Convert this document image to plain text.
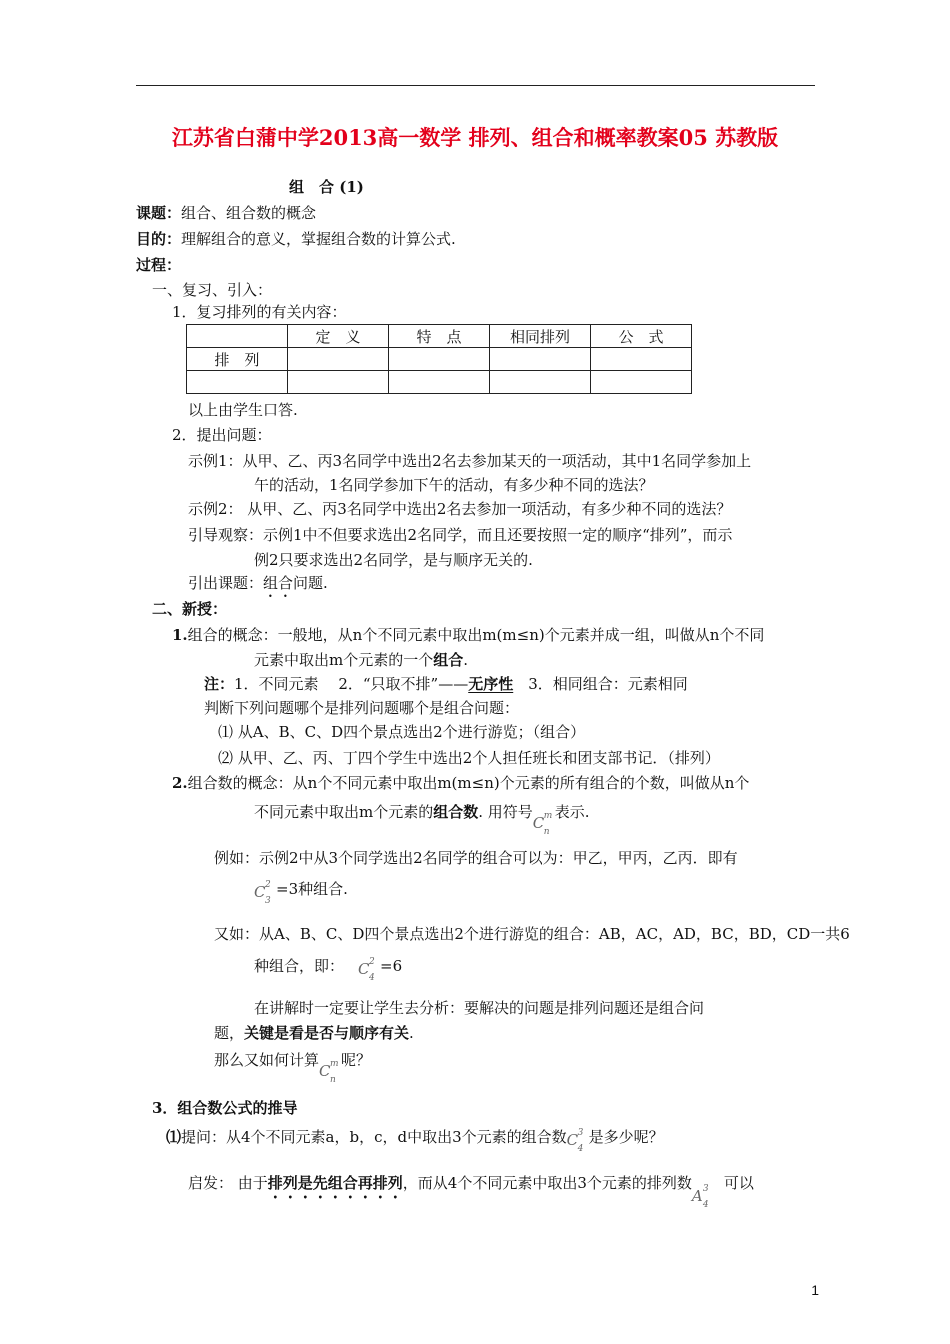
江苏省白蒲中学2013高一数学 排列、组合和概率教案05 苏教版
组　合 (1)
课题：组合、组合数的概念
目的：理解组合的意义，掌握组合数的计算公式.
过程：
一、复习、引入：
1．复习排列的有关内容：
	定　义	特　点	相同排列	公　式
排　列				

以上由学生口答.
2．提出问题：
示例1：从甲、乙、丙3名同学中选出2名去参加某天的一项活动，其中1名同学参加上
午的活动，1名同学参加下午的活动，有多少种不同的选法？
示例2： 从甲、乙、丙3名同学中选出2名去参加一项活动，有多少种不同的选法？
引导观察：示例1中不但要求选出2名同学，而且还要按照一定的顺序“排列”，而示
例2只要求选出2名同学，是与顺序无关的.
引出课题：组合问题.
二、新授：
1.组合的概念：一般地，从n个不同元素中取出m(m≤n)个元素并成一组，叫做从n个不同
元素中取出m个元素的一个组合.
注：1．不同元素　 2．“只取不排”——无序性　3．相同组合：元素相同
判断下列问题哪个是排列问题哪个是组合问题：
⑴ 从A、B、C、D四个景点选出2个进行游览；（组合）
⑵ 从甲、乙、丙、丁四个学生中选出2个人担任班长和团支部书记．（排列）
2.组合数的概念：从n个不同元素中取出m(m≤n)个元素的所有组合的个数，叫做从n个
不同元素中取出m个元素的组合数. 用符号
C m
n
表示.
例如：示例2中从3个同学选出2名同学的组合可以为：甲乙，甲丙，乙丙．即有
C 2
3
=3种组合.
又如：从A、B、C、D四个景点选出2个进行游览的组合：AB，AC，AD，BC，BD，CD一共6
种组合，即： C 2
4
=6
在讲解时一定要让学生去分析：要解决的问题是排列问题还是组合问
题，关键是看是否与顺序有关.
那么又如何计算
C m
n
呢？
3．组合数公式的推导
⑴提问：从4个不同元素a，b，c，d中取出3个元素的组合数 C 3
4
是多少呢？
启发： 由于排列是先组合再排列，而从4个不同元素中取出3个元素的排列数
A 3
4
可以
1
